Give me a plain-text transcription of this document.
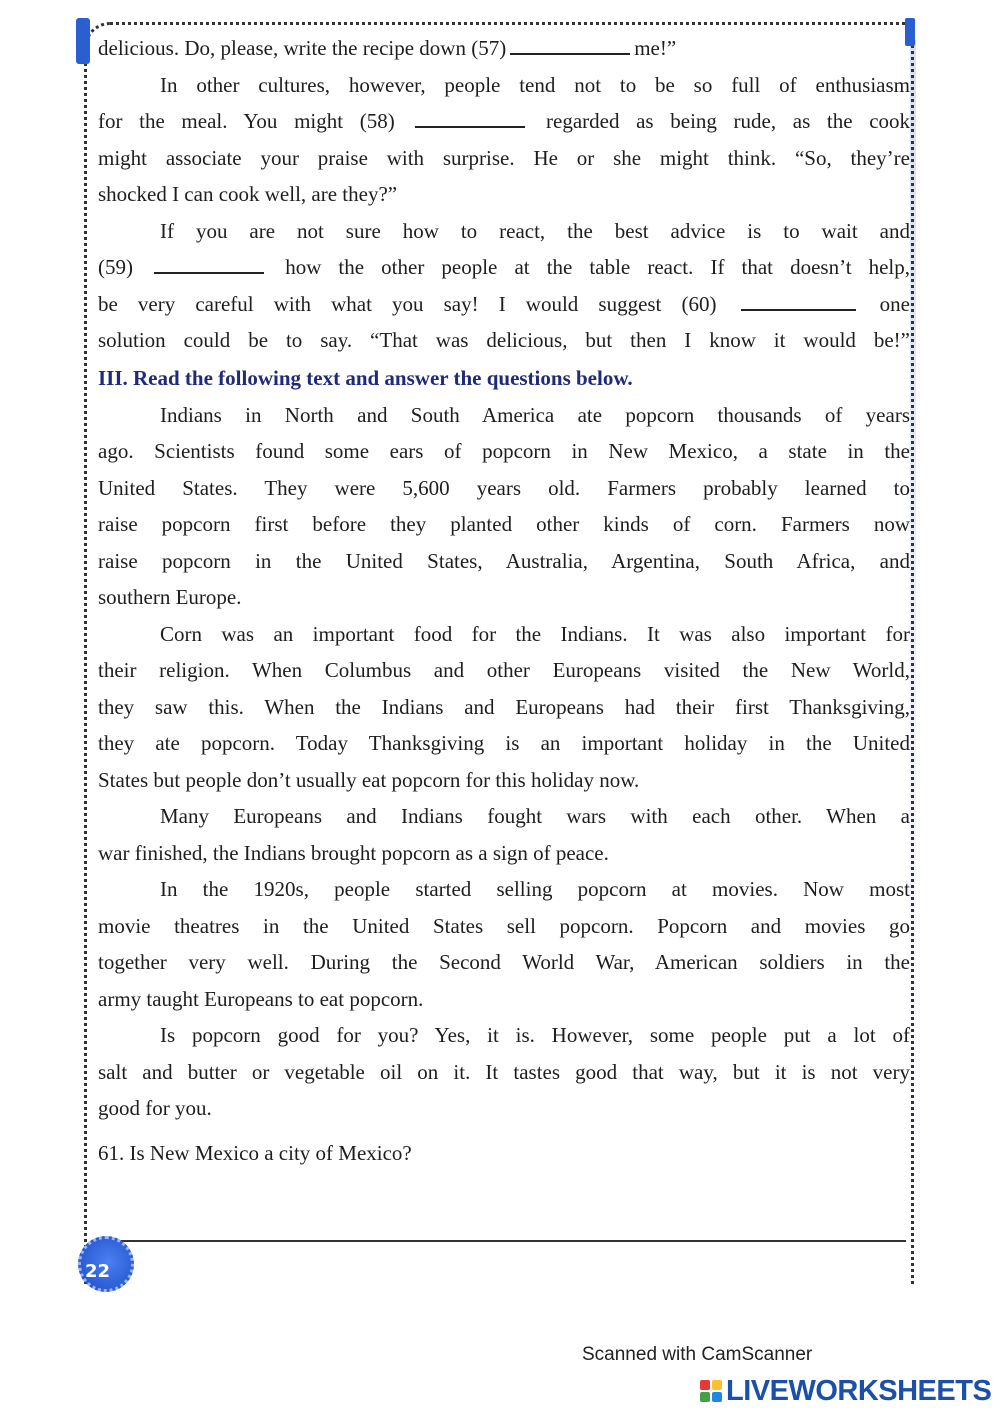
delicious. Do, please, write the recipe down (57)	me!”
In other cultures, however, people tend not to be so full of enthusiasm
for the meal. You might (58)	regarded as being rude, as the cook
might associate your praise with surprise. He or she might think. “So, they’re
shocked I can cook well, are they?”
If you are not sure how to react, the best advice is to wait and
(59)	how the other people at the table react. If that doesn’t help,
be very careful with what you say! I would suggest (60)	one
solution could be to say. “That was delicious, but then I know it would be!”
III. Read the following text and answer the questions below.
Indians in North and South America ate popcorn thousands of years
ago. Scientists found some ears of popcorn in New Mexico, a state in the
United States. They were 5,600 years old. Farmers probably learned to
raise popcorn first before they planted other kinds of corn. Farmers now
raise popcorn in the United States, Australia, Argentina, South Africa, and
southern Europe.
Corn was an important food for the Indians. It was also important for
their religion. When Columbus and other Europeans visited the New World,
they saw this. When the Indians and Europeans had their first Thanksgiving,
they ate popcorn. Today Thanksgiving is an important holiday in the United
States but people don’t usually eat popcorn for this holiday now.
Many Europeans and Indians fought wars with each other. When a
war finished, the Indians brought popcorn as a sign of peace.
In the 1920s, people started selling popcorn at movies. Now most
movie theatres in the United States sell popcorn. Popcorn and movies go
together very well. During the Second World War, American soldiers in the
army taught Europeans to eat popcorn.
Is popcorn good for you? Yes, it is. However, some people put a lot of
salt and butter or vegetable oil on it. It tastes good that way, but it is not very
good for you.
61. Is New Mexico a city of Mexico?
22
Scanned with CamScanner
LIVEWORKSHEETS
